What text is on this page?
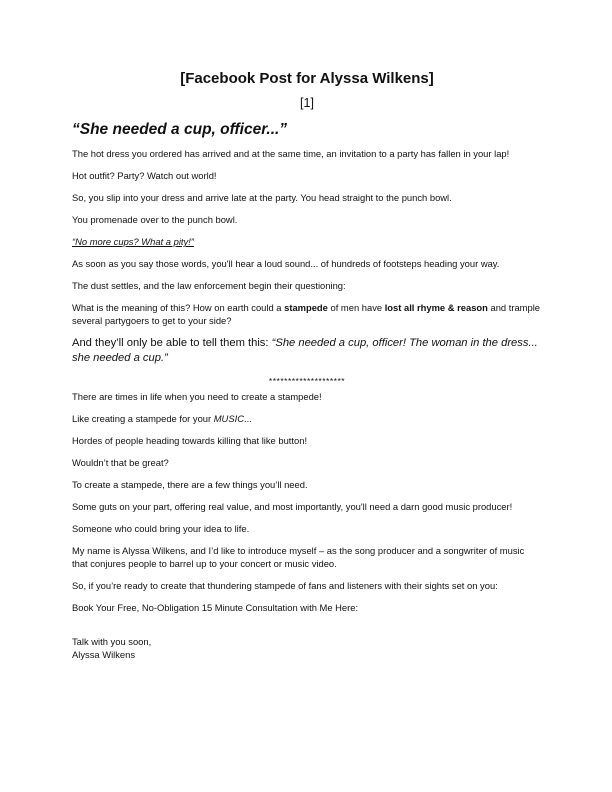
[Facebook Post for Alyssa Wilkens]
[1]
“She needed a cup, officer...”

The hot dress you ordered has arrived and at the same time, an invitation to a party has fallen in your lap!

Hot outfit? Party? Watch out world!

So, you slip into your dress and arrive late at the party. You head straight to the punch bowl.

You promenade over to the punch bowl.

“No more cups? What a pity!”

As soon as you say those words, you'll hear a loud sound... of hundreds of footsteps heading your way.

The dust settles, and the law enforcement begin their questioning:

What is the meaning of this? How on earth could a stampede of men have lost all rhyme & reason and trample several partygoers to get to your side?

And they’ll only be able to tell them this: “She needed a cup, officer! The woman in the dress... she needed a cup.”

********************

There are times in life when you need to create a stampede!

Like creating a stampede for your MUSIC...

Hordes of people heading towards killing that like button!

Wouldn’t that be great?

To create a stampede, there are a few things you’ll need.

Some guts on your part, offering real value, and most importantly, you'll need a darn good music producer!

Someone who could bring your idea to life.

My name is Alyssa Wilkens, and I’d like to introduce myself – as the song producer and a songwriter of music that conjures people to barrel up to your concert or music video.

So, if you’re ready to create that thundering stampede of fans and listeners with their sights set on you:

Book Your Free, No-Obligation 15 Minute Consultation with Me Here:

Talk with you soon,

Alyssa Wilkens
